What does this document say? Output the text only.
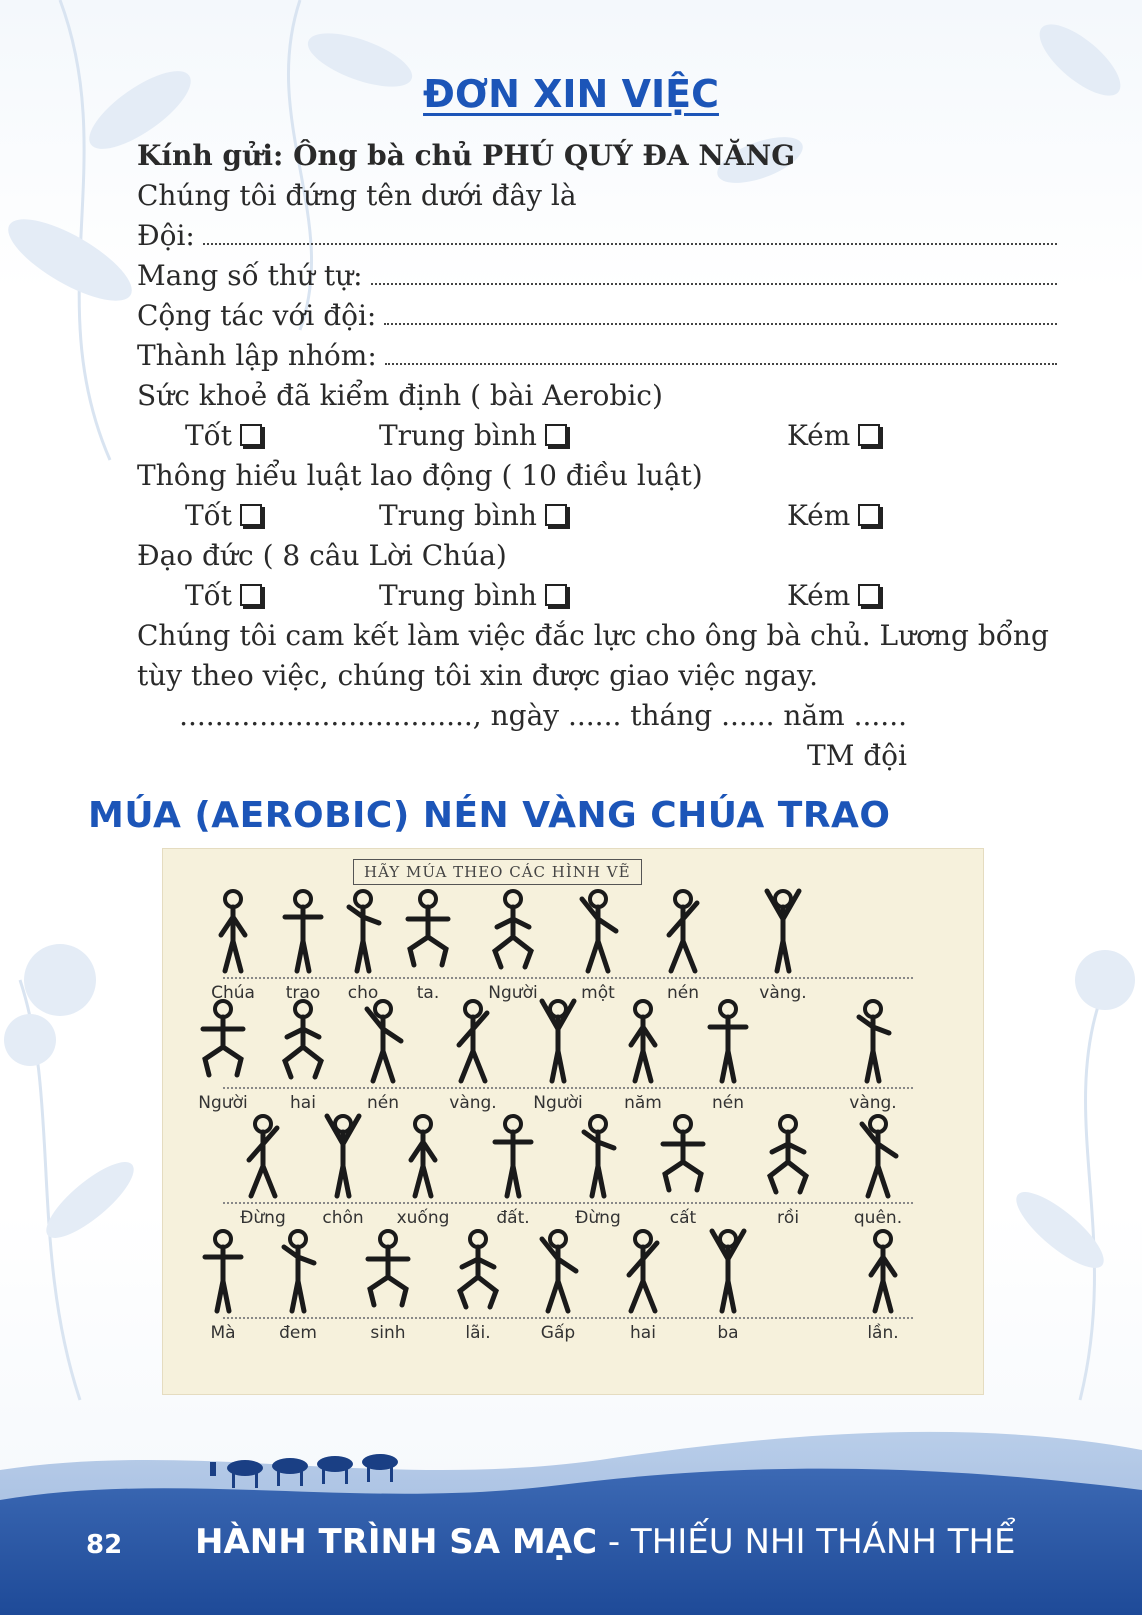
ĐƠN XIN VIỆC
Kính gửi: Ông bà chủ PHÚ QUÝ ĐA NĂNG
Chúng tôi đứng tên dưới đây là
Đội:
Mang số thứ tự:
Cộng tác với đội:
Thành lập nhóm:
Sức khoẻ đã kiểm định ( bài Aerobic)
Tốt	Trung bình	Kém
Thông hiểu luật lao động ( 10 điều luật)
Tốt	Trung bình	Kém
Đạo đức ( 8 câu Lời Chúa)
Tốt	Trung bình	Kém
Chúng tôi cam kết làm việc đắc lực cho ông bà chủ. Lương bổng
tùy theo việc, chúng tôi xin được giao việc ngay.
................................., ngày ...... tháng ...... năm ......
TM đội
MÚA (AEROBIC) NÉN VÀNG CHÚA TRAO
HÃY MÚA THEO CÁC HÌNH VẼ
Chúa	trao	cho	ta.	Người	một	nén	vàng.
Người	hai	nén	vàng.	Người	năm	nén	vàng.
Đừng	chôn	xuống	đất.	Đừng	cất	rồi	quên.
Mà	đem	sinh	lãi.	Gấp	hai	ba	lần.
82 HÀNH TRÌNH SA MẠC - THIẾU NHI THÁNH THỂ
